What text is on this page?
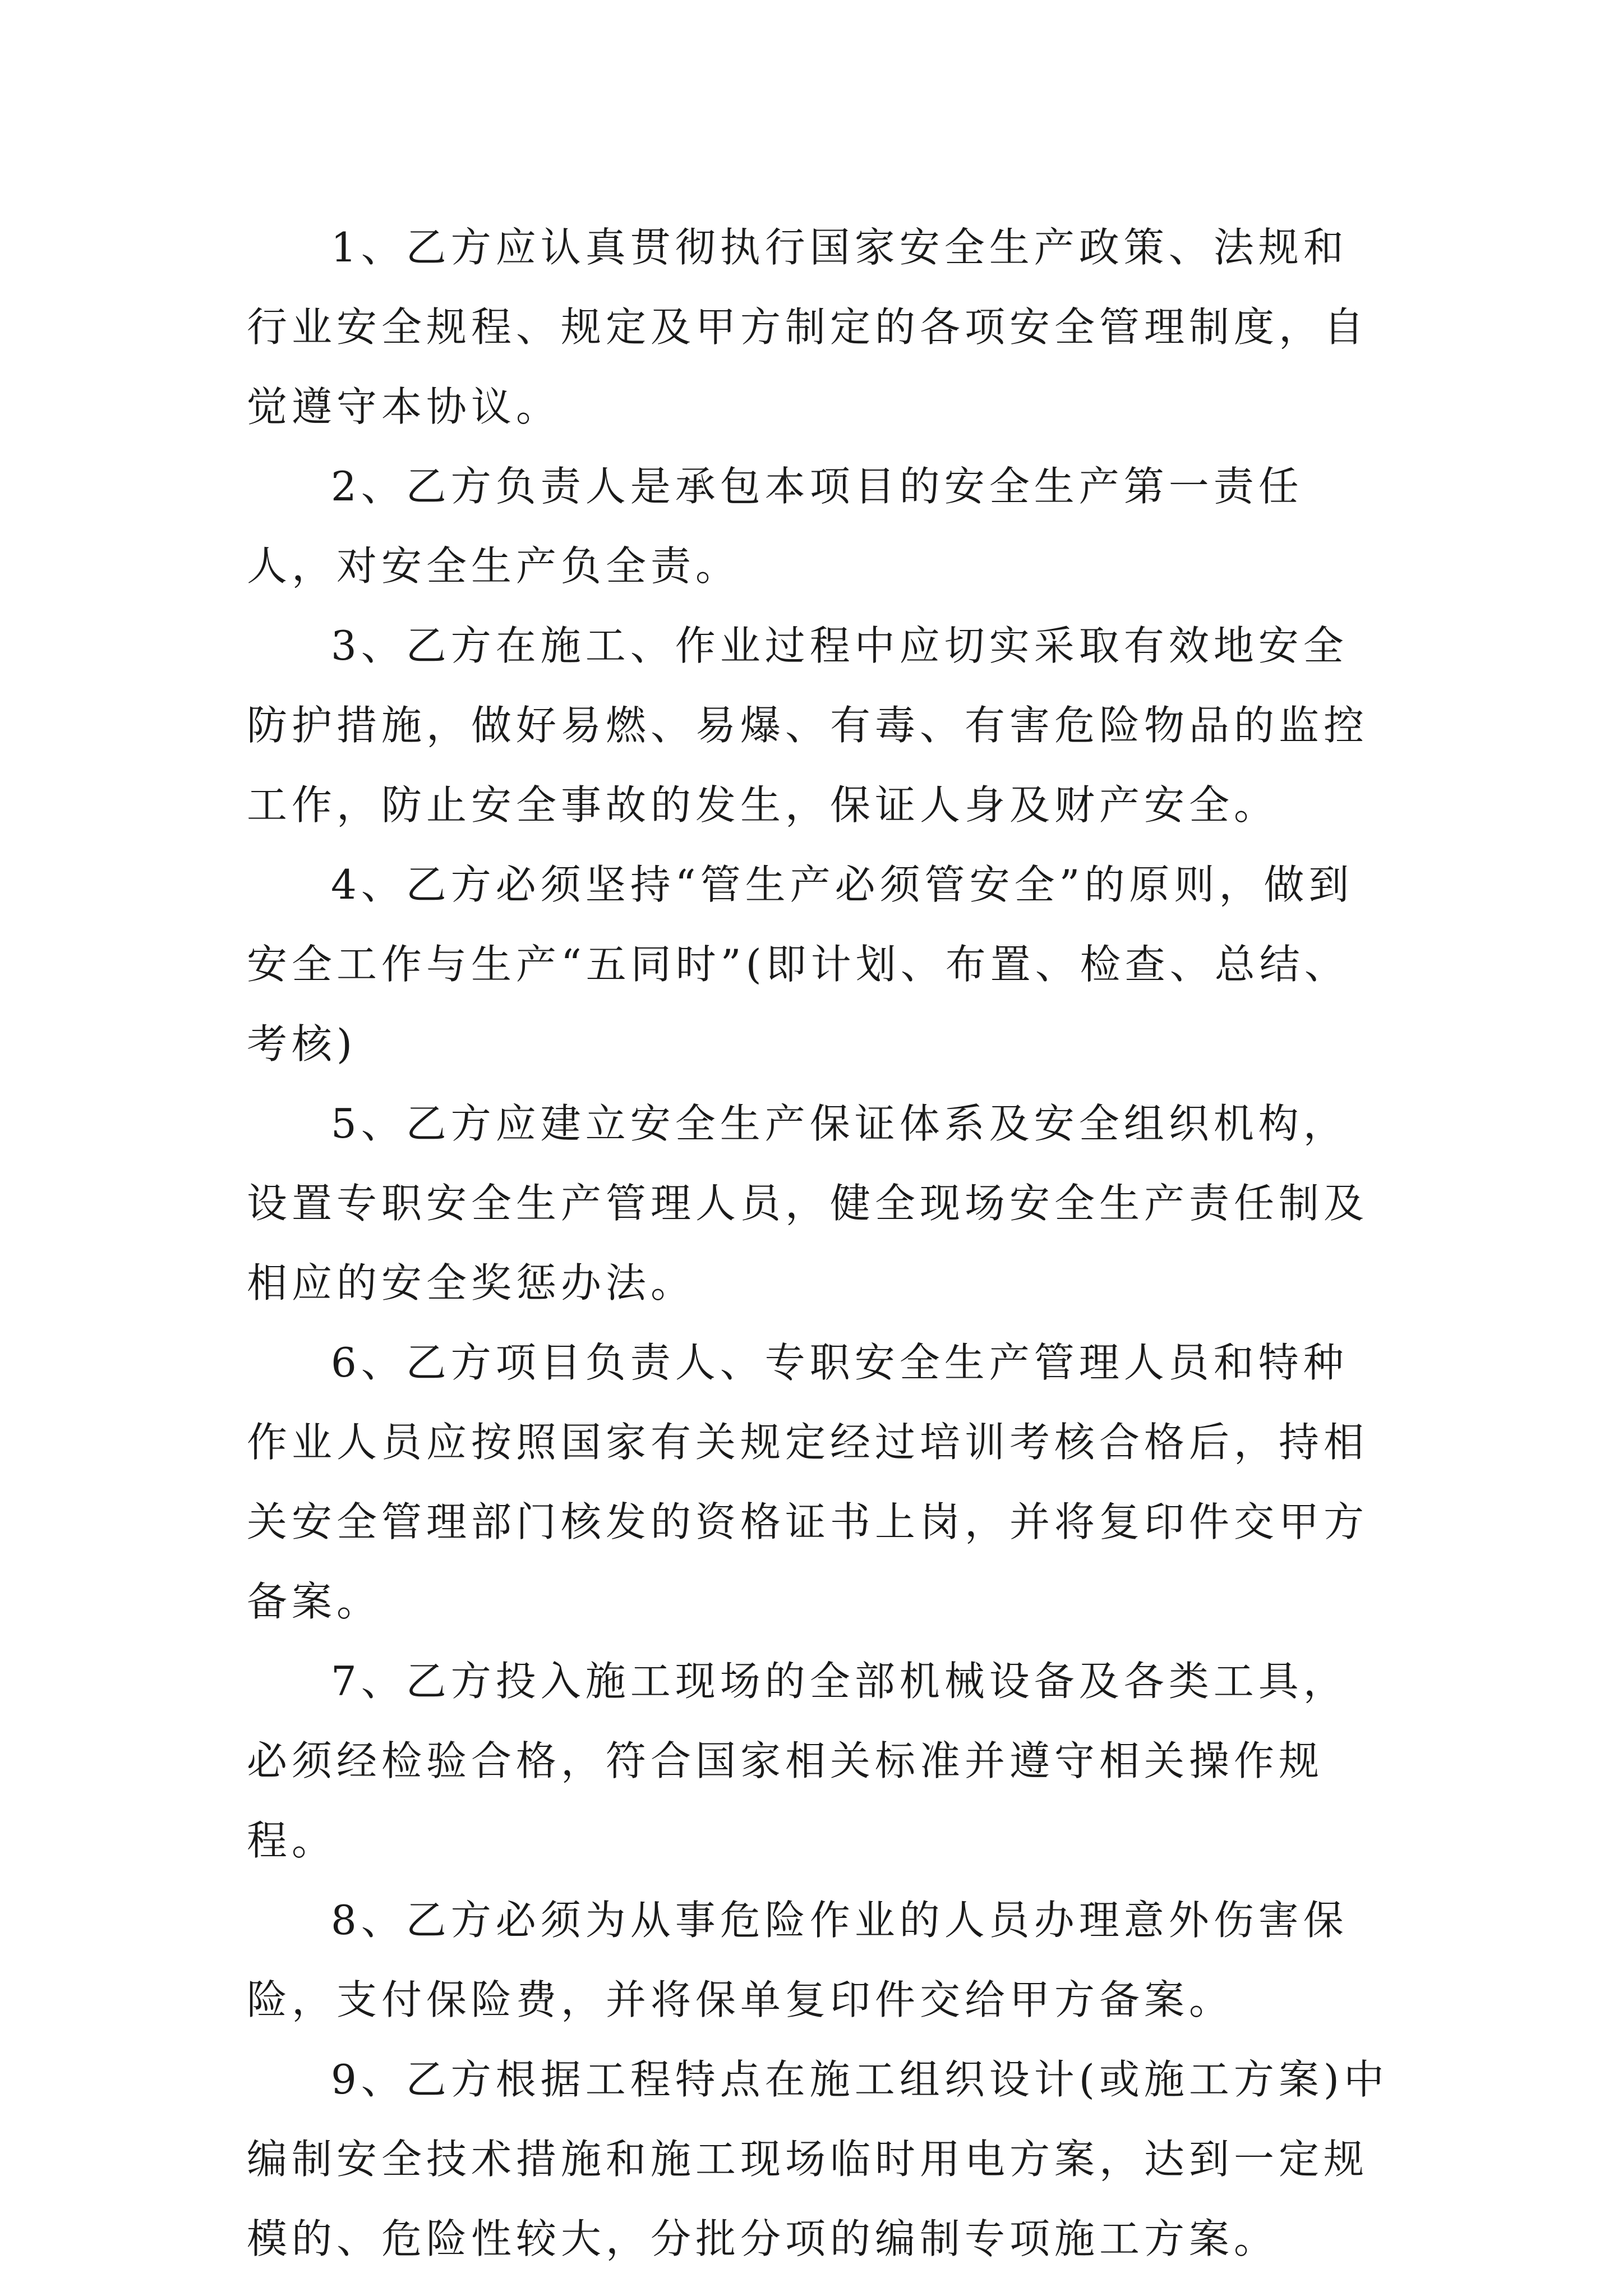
1、乙方应认真贯彻执行国家安全生产政策、法规和行业安全规程、规定及甲方制定的各项安全管理制度，自觉遵守本协议。

2、乙方负责人是承包本项目的安全生产第一责任人，对安全生产负全责。

3、乙方在施工、作业过程中应切实采取有效地安全防护措施，做好易燃、易爆、有毒、有害危险物品的监控工作，防止安全事故的发生，保证人身及财产安全。

4、乙方必须坚持“管生产必须管安全”的原则，做到安全工作与生产“五同时”(即计划、布置、检查、总结、考核)

5、乙方应建立安全生产保证体系及安全组织机构，设置专职安全生产管理人员，健全现场安全生产责任制及相应的安全奖惩办法。

6、乙方项目负责人、专职安全生产管理人员和特种作业人员应按照国家有关规定经过培训考核合格后，持相关安全管理部门核发的资格证书上岗，并将复印件交甲方备案。

7、乙方投入施工现场的全部机械设备及各类工具，必须经检验合格，符合国家相关标准并遵守相关操作规程。

8、乙方必须为从事危险作业的人员办理意外伤害保险，支付保险费，并将保单复印件交给甲方备案。

9、乙方根据工程特点在施工组织设计(或施工方案)中编制安全技术措施和施工现场临时用电方案，达到一定规模的、危险性较大，分批分项的编制专项施工方案。
